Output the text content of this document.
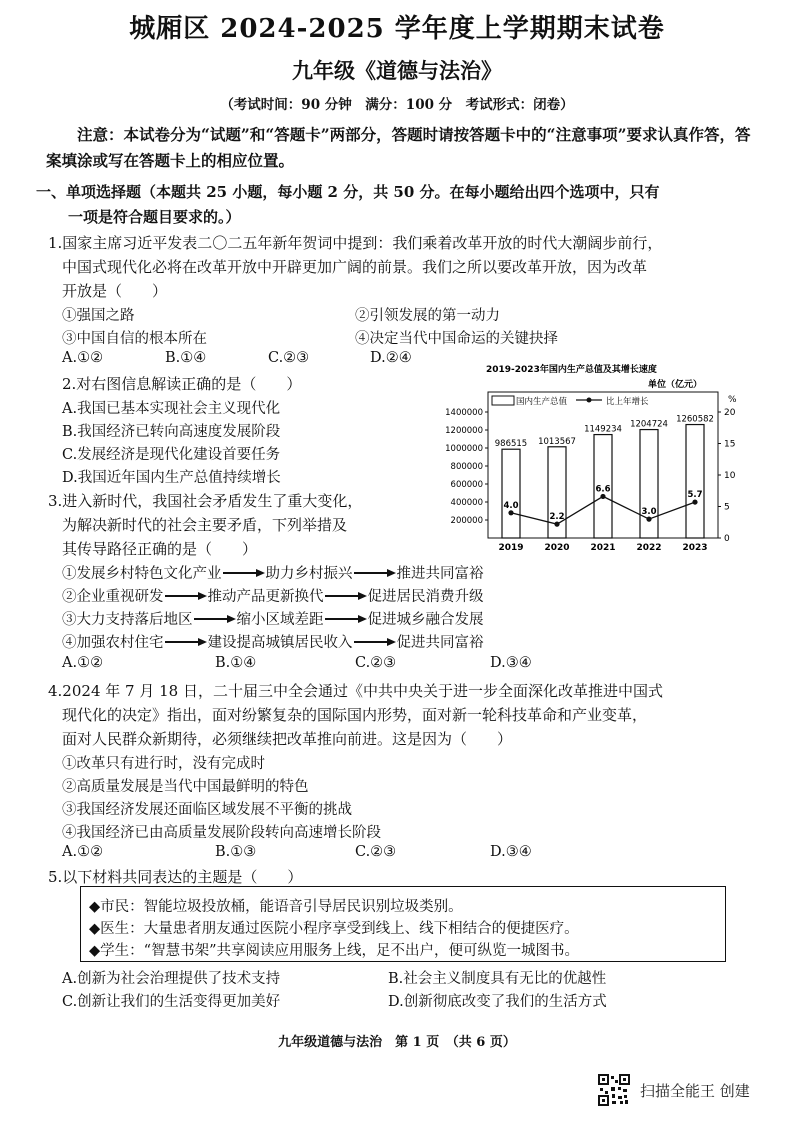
城厢区 2024-2025 学年度上学期期末试卷
九年级《道德与法治》
（考试时间：90 分钟　满分：100 分　考试形式：闭卷）
注意：本试卷分为“试题”和“答题卡”两部分，答题时请按答题卡中的“注意事项”要求认真作答，答案填涂或写在答题卡上的相应位置。
一、单项选择题（本题共 25 小题，每小题 2 分，共 50 分。在每小题给出四个选项中，只有
一项是符合题目要求的。）
1.国家主席习近平发表二〇二五年新年贺词中提到：我们乘着改革开放的时代大潮阔步前行，
中国式现代化必将在改革开放中开辟更加广阔的前景。我们之所以要改革开放，因为改革
开放是（　　）
①强国之路	②引领发展的第一动力
③中国自信的根本所在	④决定当代中国命运的关键抉择
A.①②	B.①④	C.②③	D.②④
2.对右图信息解读正确的是（　　）
A.我国已基本实现社会主义现代化
B.我国经济已转向高速度发展阶段
C.发展经济是现代化建设首要任务
D.我国近年国内生产总值持续增长
2019-2023年国内生产总值及其增长速度
单位（亿元）
%
1400000
1200000
1000000
800000
600000
400000
200000
20
15
10
5
0
2019 2020 2021 2022 2023
986515 1013567
1149234 1204724
1260582
4.0
2.2
6.6
3.0
5.7
国内生产总值	比上年增长
3.进入新时代，我国社会矛盾发生了重大变化，
为解决新时代的社会主要矛盾，下列举措及
其传导路径正确的是（　　）
①发展乡村特色文化产业	助力乡村振兴	推进共同富裕
②企业重视研发	推动产品更新换代	促进居民消费升级
③大力支持落后地区	缩小区域差距	促进城乡融合发展
④加强农村住宅	建设提高城镇居民收入	促进共同富裕
A.①②	B.①④	C.②③	D.③④
4.2024 年 7 月 18 日，二十届三中全会通过《中共中央关于进一步全面深化改革推进中国式
现代化的决定》指出，面对纷繁复杂的国际国内形势，面对新一轮科技革命和产业变革，
面对人民群众新期待，必须继续把改革推向前进。这是因为（　　）
①改革只有进行时，没有完成时
②高质量发展是当代中国最鲜明的特色
③我国经济发展还面临区域发展不平衡的挑战
④我国经济已由高质量发展阶段转向高速增长阶段
A.①②	B.①③	C.②③	D.③④
5.以下材料共同表达的主题是（　　）
◆市民：智能垃圾投放桶，能语音引导居民识别垃圾类别。
◆医生：大量患者朋友通过医院小程序享受到线上、线下相结合的便捷医疗。
◆学生：“智慧书架”共享阅读应用服务上线，足不出户，便可纵览一城图书。
A.创新为社会治理提供了技术支持	B.社会主义制度具有无比的优越性
C.创新让我们的生活变得更加美好	D.创新彻底改变了我们的生活方式
九年级道德与法治　第 1 页　（共 6 页）
扫描全能王 创建
